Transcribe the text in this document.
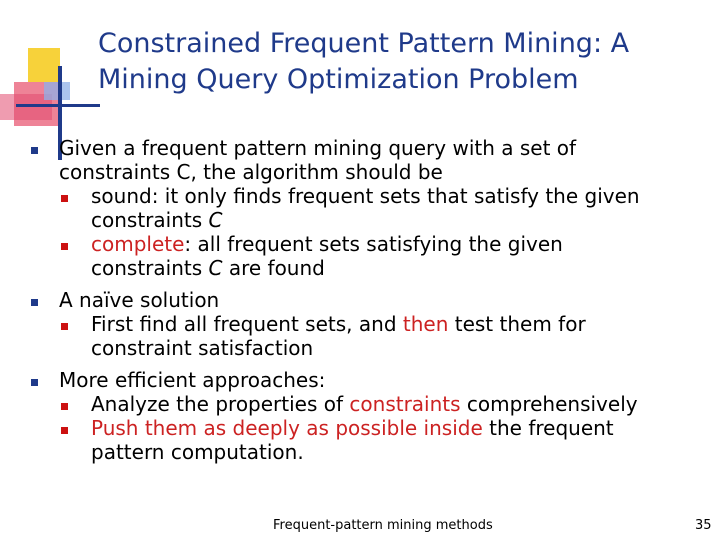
Constrained Frequent Pattern Mining: A
Mining Query Optimization Problem
Given a frequent pattern mining query with a set of
constraints C, the algorithm should be
sound: it only finds frequent sets that satisfy the given
constraints C
complete: all frequent sets satisfying the given
constraints C are found
A naïve solution
First find all frequent sets, and then test them for
constraint satisfaction
More efficient approaches:
Analyze the properties of constraints comprehensively
Push them as deeply as possible inside the frequent
pattern computation.
Frequent-pattern mining methods	35
